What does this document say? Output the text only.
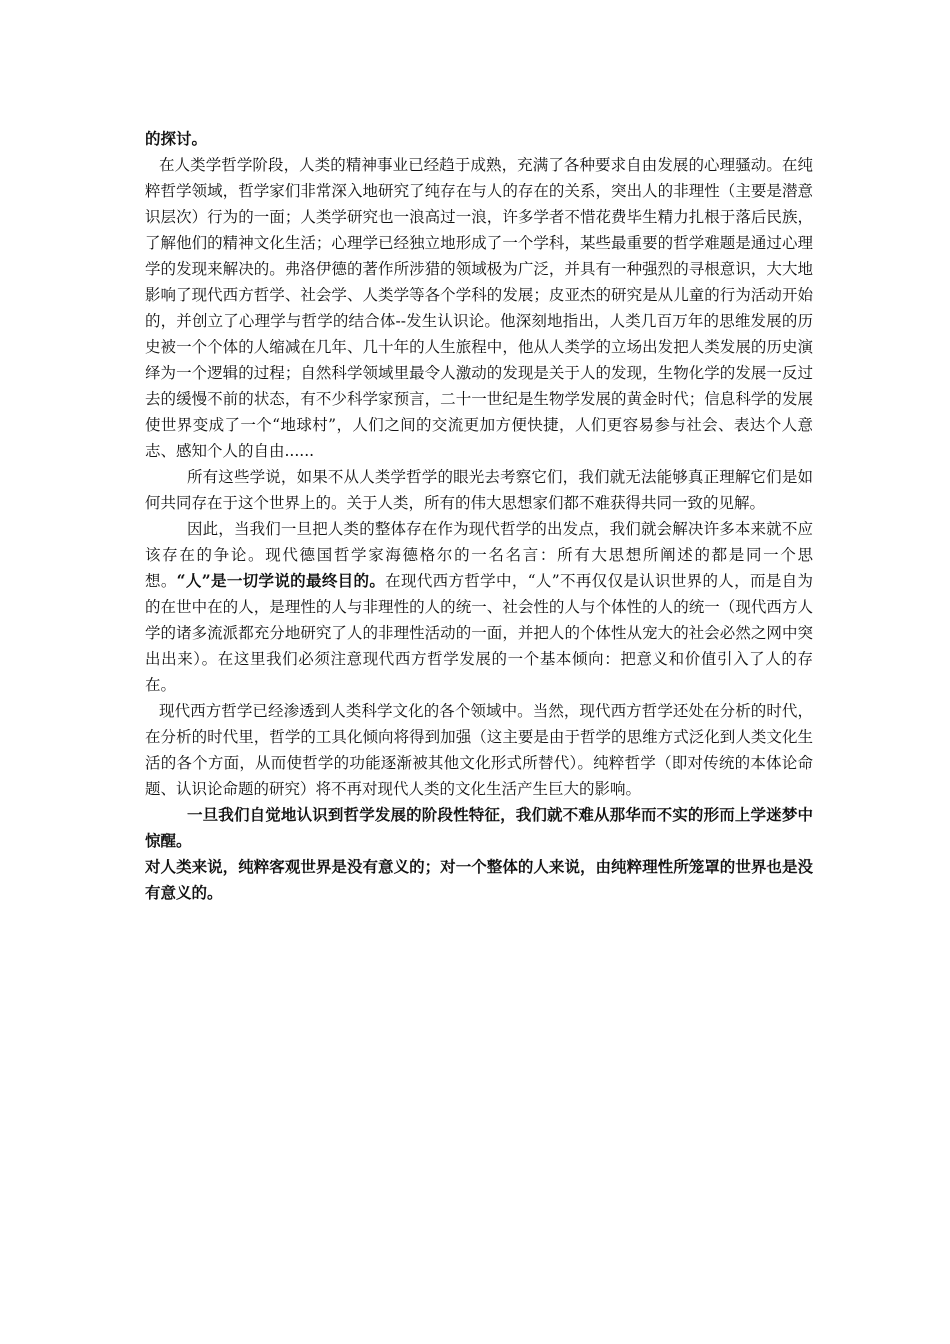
的探讨。

在人类学哲学阶段，人类的精神事业已经趋于成熟，充满了各种要求自由发展的心理骚动。在纯粹哲学领域，哲学家们非常深入地研究了纯存在与人的存在的关系，突出人的非理性（主要是潜意识层次）行为的一面；人类学研究也一浪高过一浪，许多学者不惜花费毕生精力扎根于落后民族，了解他们的精神文化生活；心理学已经独立地形成了一个学科，某些最重要的哲学难题是通过心理学的发现来解决的。弗洛伊德的著作所涉猎的领域极为广泛，并具有一种强烈的寻根意识，大大地影响了现代西方哲学、社会学、人类学等各个学科的发展；皮亚杰的研究是从儿童的行为活动开始的，并创立了心理学与哲学的结合体--发生认识论。他深刻地指出，人类几百万年的思维发展的历史被一个个体的人缩减在几年、几十年的人生旅程中，他从人类学的立场出发把人类发展的历史演绎为一个逻辑的过程；自然科学领域里最令人激动的发现是关于人的发现，生物化学的发展一反过去的缓慢不前的状态，有不少科学家预言，二十一世纪是生物学发展的黄金时代；信息科学的发展使世界变成了一个“地球村”，人们之间的交流更加方便快捷，人们更容易参与社会、表达个人意志、感知个人的自由......

所有这些学说，如果不从人类学哲学的眼光去考察它们，我们就无法能够真正理解它们是如何共同存在于这个世界上的。关于人类，所有的伟大思想家们都不难获得共同一致的见解。

因此，当我们一旦把人类的整体存在作为现代哲学的出发点，我们就会解决许多本来就不应该存在的争论。现代德国哲学家海德格尔的一名名言：所有大思想所阐述的都是同一个思想。“人”是一切学说的最终目的。在现代西方哲学中，“人”不再仅仅是认识世界的人，而是自为的在世中在的人，是理性的人与非理性的人的统一、社会性的人与个体性的人的统一（现代西方人学的诸多流派都充分地研究了人的非理性活动的一面，并把人的个体性从宠大的社会必然之网中突出出来）。在这里我们必须注意现代西方哲学发展的一个基本倾向：把意义和价值引入了人的存在。

现代西方哲学已经渗透到人类科学文化的各个领域中。当然，现代西方哲学还处在分析的时代，在分析的时代里，哲学的工具化倾向将得到加强（这主要是由于哲学的思维方式泛化到人类文化生活的各个方面，从而使哲学的功能逐渐被其他文化形式所替代）。纯粹哲学（即对传统的本体论命题、认识论命题的研究）将不再对现代人类的文化生活产生巨大的影响。

一旦我们自觉地认识到哲学发展的阶段性特征，我们就不难从那华而不实的形而上学迷梦中惊醒。

对人类来说，纯粹客观世界是没有意义的；对一个整体的人来说，由纯粹理性所笼罩的世界也是没有意义的。
